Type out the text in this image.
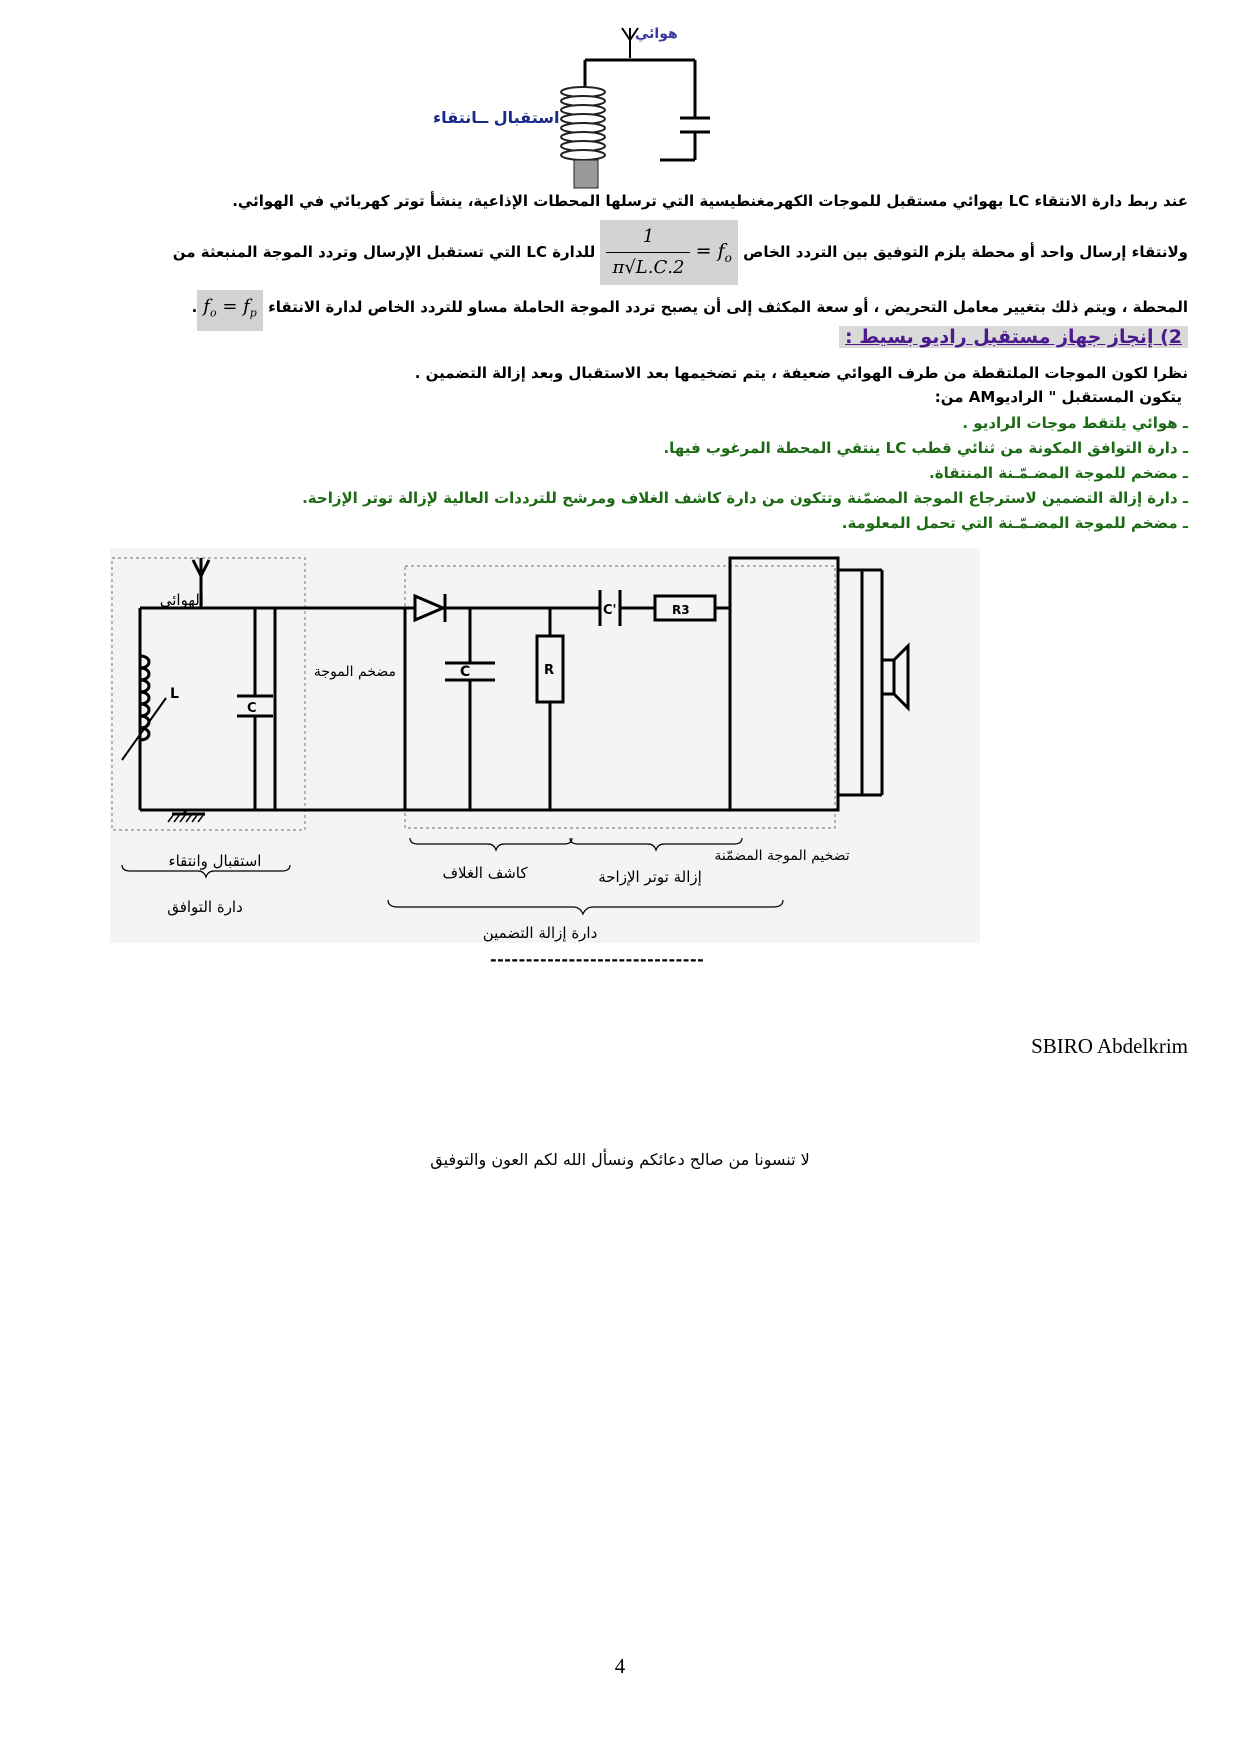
هوائي
استقبال ــانتقاء
عند ربط دارة الانتقاء LC بهوائي مستقبل للموجات الكهرمغنطيسية التي ترسلها المحطات الإذاعية، ينشأ توتر كهربائي في الهوائي.
ولانتقاء إرسال واحد أو محطة يلزم التوفيق بين التردد الخاص $f_o$ =
$\frac{1}{2.\pi√L.C}$
للدارة LC التي تستقبل الإرسال وتردد الموجة المنبعثة من
المحطة ، ويتم ذلك بتغيير معامل التحريض ، أو سعة المكثف إلى أن يصبح تردد الموجة الحاملة مساو للتردد الخاص لدارة الانتقاء $f_o = f_p$.
2) إنجاز جهاز مستقبل راديو بسيط :
نظرا لكون الموجات الملتقطة من طرف الهوائي ضعيفة ، يتم تضخيمها بعد الاستقبال وبعد إزالة التضمين .
يتكون المستقبل " الراديوAM من:
ـ هوائي يلتقط موجات الراديو .
ـ دارة التوافق المكونة من ثنائي قطب LC ينتقي المحطة المرغوب فيها.
ـ مضخم للموجة المضـمّـنة المنتقاة.
ـ دارة إزالة التضمين لاسترجاع الموجة المضمّنة وتتكون من دارة كاشف الغلاف ومرشح للترددات العالية لإزالة توتر الإزاحة.
ـ مضخم للموجة المضـمّـنة التي تحمل المعلومة.
الهوائي
L
C
مضخم الموجة	C	R
C'	R3
استقبال وانتقاء
دارة التوافق
كاشف الغلاف	إزالة توتر الإزاحة
تضخيم الموجة المضمّنة
دارة إزالة التضمين
------------------------------
SBIRO Abdelkrim
لا تنسونا من صالح دعائكم ونسأل الله لكم العون والتوفيق
4
